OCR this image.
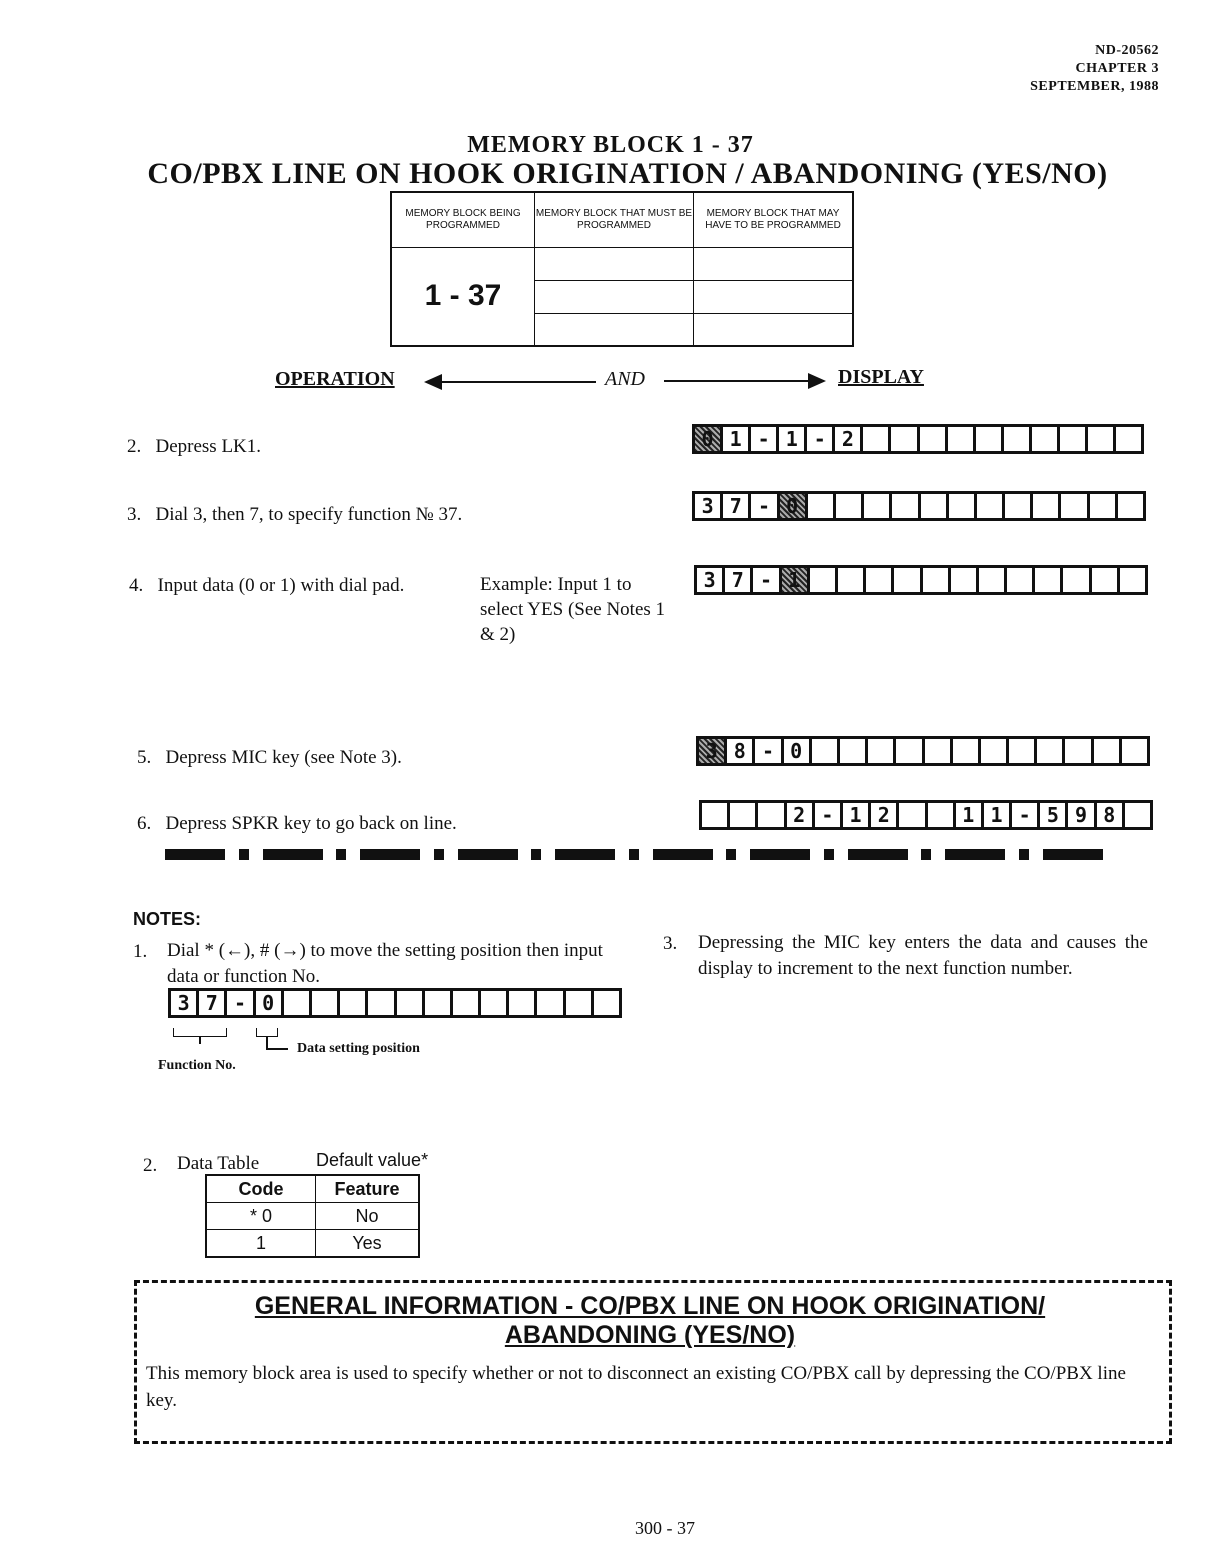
ND-20562
CHAPTER 3
SEPTEMBER, 1988
MEMORY BLOCK 1 - 37
CO/PBX LINE ON HOOK ORIGINATION / ABANDONING (YES/NO)
MEMORY BLOCK BEING PROGRAMMED	MEMORY BLOCK THAT MUST BE PROGRAMMED	MEMORY BLOCK THAT MAY HAVE TO BE PROGRAMMED
1 - 37		

OPERATION	AND	DISPLAY
2. Depress LK1.
3. Dial 3, then 7, to specify function № 37.
4. Input data (0 or 1) with dial pad.	Example: Input 1 to select YES (See Notes 1 & 2)
5. Depress MIC key (see Note 3).
6. Depress SPKR key to go back on line.
0 1 - 1 - 2
3 7 - 0
3 7 - 1
3 8 - 0
2 - 1 2	1 1 - 5 9 8
NOTES:
1. Dial * (←), # (→) to move the setting position then input data or function No.
3 7 - 0
Function No.
Data setting position
2. Data Table	Default value*
Code	Feature
* 0	No
1	Yes
3. Depressing the MIC key enters the data and causes the display to increment to the next function number.
GENERAL INFORMATION - CO/PBX LINE ON HOOK ORIGINATION/
ABANDONING (YES/NO)
This memory block area is used to specify whether or not to disconnect an existing CO/PBX call by depressing the CO/PBX line key.
300 - 37
